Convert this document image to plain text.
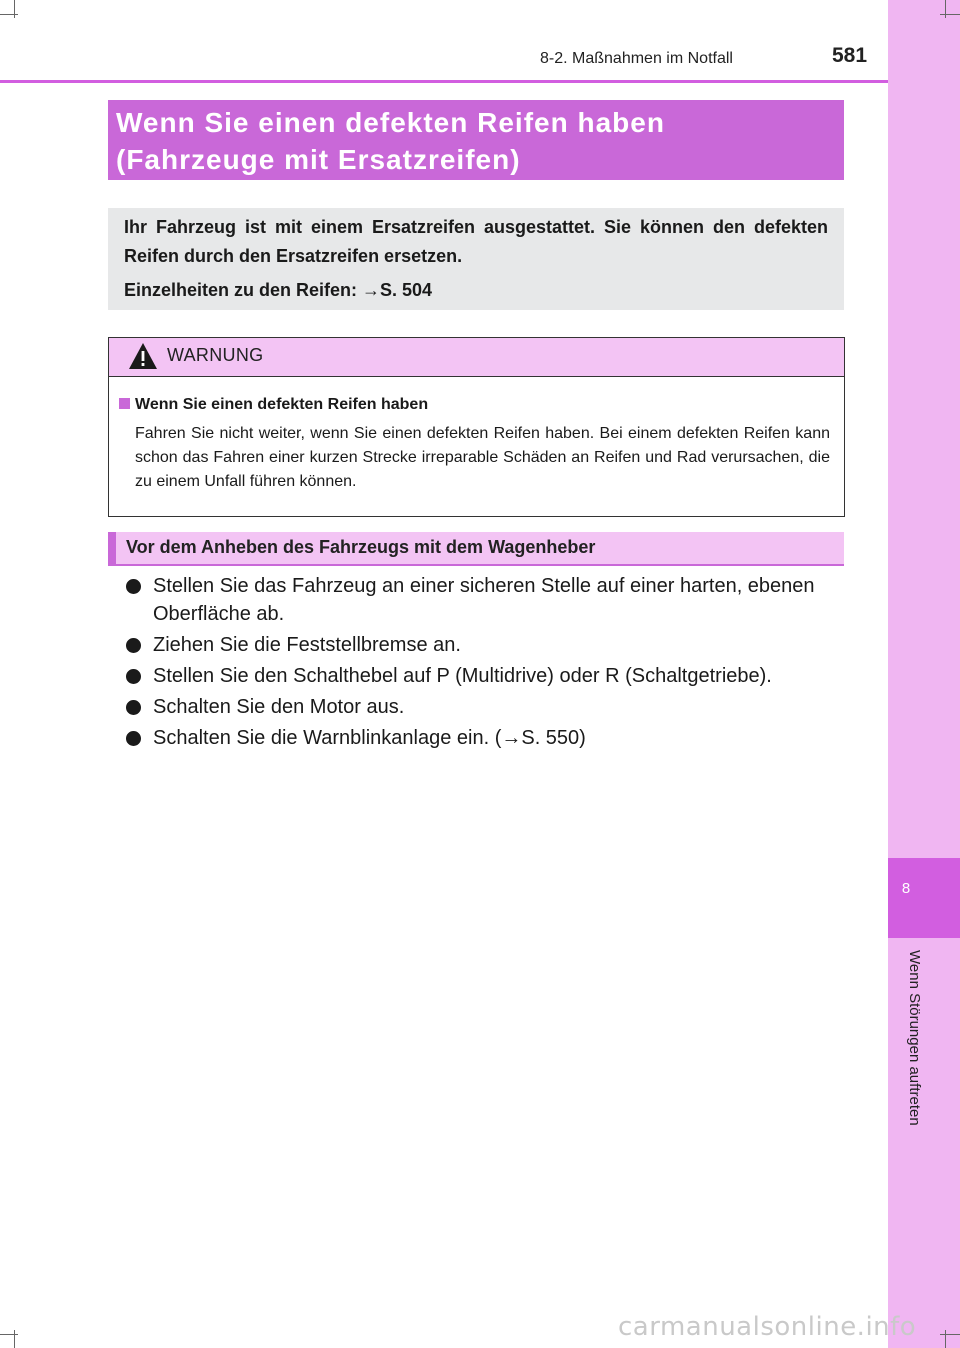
8
Wenn Störungen auftreten
8-2. Maßnahmen im Notfall	581
Wenn Sie einen defekten Reifen haben
(Fahrzeuge mit Ersatzreifen)

Ihr Fahrzeug ist mit einem Ersatzreifen ausgestattet. Sie können den defekten Reifen durch den Ersatzreifen ersetzen.

Einzelheiten zu den Reifen: →S. 504

WARNUNG
Wenn Sie einen defekten Reifen haben

Fahren Sie nicht weiter, wenn Sie einen defekten Reifen haben. Bei einem defekten Reifen kann schon das Fahren einer kurzen Strecke irreparable Schäden an Reifen und Rad verursachen, die zu einem Unfall führen können.

Vor dem Anheben des Fahrzeugs mit dem Wagenheber
Stellen Sie das Fahrzeug an einer sicheren Stelle auf einer harten, ebenen Oberfläche ab.
Ziehen Sie die Feststellbremse an.
Stellen Sie den Schalthebel auf P (Multidrive) oder R (Schaltgetriebe).
Schalten Sie den Motor aus.
Schalten Sie die Warnblinkanlage ein. (→S. 550)
carmanualsonline.info
